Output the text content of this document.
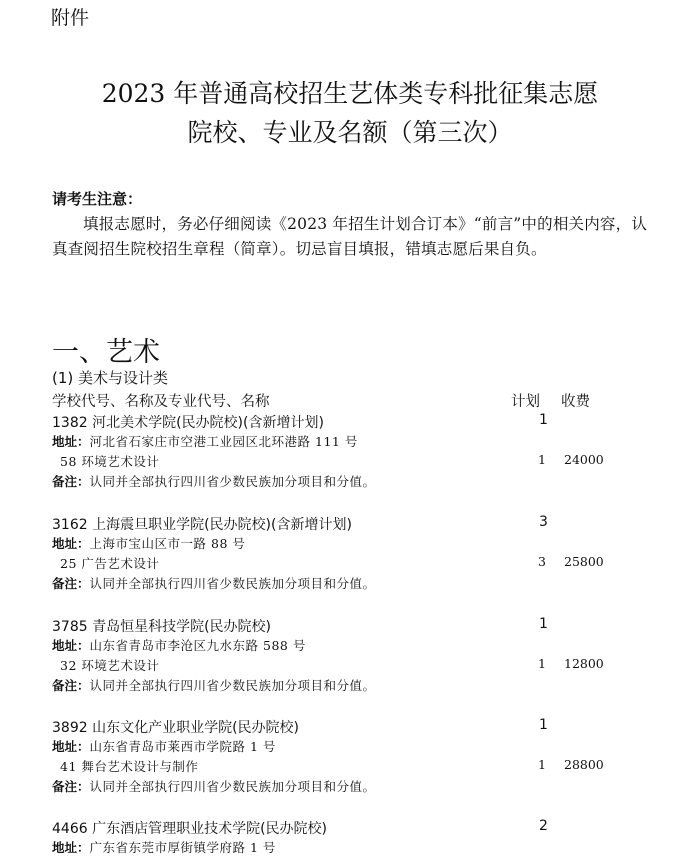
附件
2023 年普通高校招生艺体类专科批征集志愿
院校、专业及名额（第三次）
请考生注意：
填报志愿时，务必仔细阅读《2023 年招生计划合订本》“前言”中的相关内容，认真查阅招生院校招生章程（简章）。切忌盲目填报，错填志愿后果自负。
一、艺术
(1) 美术与设计类
学校代号、名称及专业代号、名称	计划 收费
1382 河北美术学院(民办院校)(含新增计划)	1
地址：河北省石家庄市空港工业园区北环港路 111 号
58 环境艺术设计	1 24000
备注：认同并全部执行四川省少数民族加分项目和分值。
3162 上海震旦职业学院(民办院校)(含新增计划)	3
地址：上海市宝山区市一路 88 号
25 广告艺术设计	3 25800
备注：认同并全部执行四川省少数民族加分项目和分值。
3785 青岛恒星科技学院(民办院校)	1
地址：山东省青岛市李沧区九水东路 588 号
32 环境艺术设计	1 12800
备注：认同并全部执行四川省少数民族加分项目和分值。
3892 山东文化产业职业学院(民办院校)	1
地址：山东省青岛市莱西市学院路 1 号
41 舞台艺术设计与制作	1 28800
备注：认同并全部执行四川省少数民族加分项目和分值。
4466 广东酒店管理职业技术学院(民办院校)	2
地址：广东省东莞市厚街镇学府路 1 号
